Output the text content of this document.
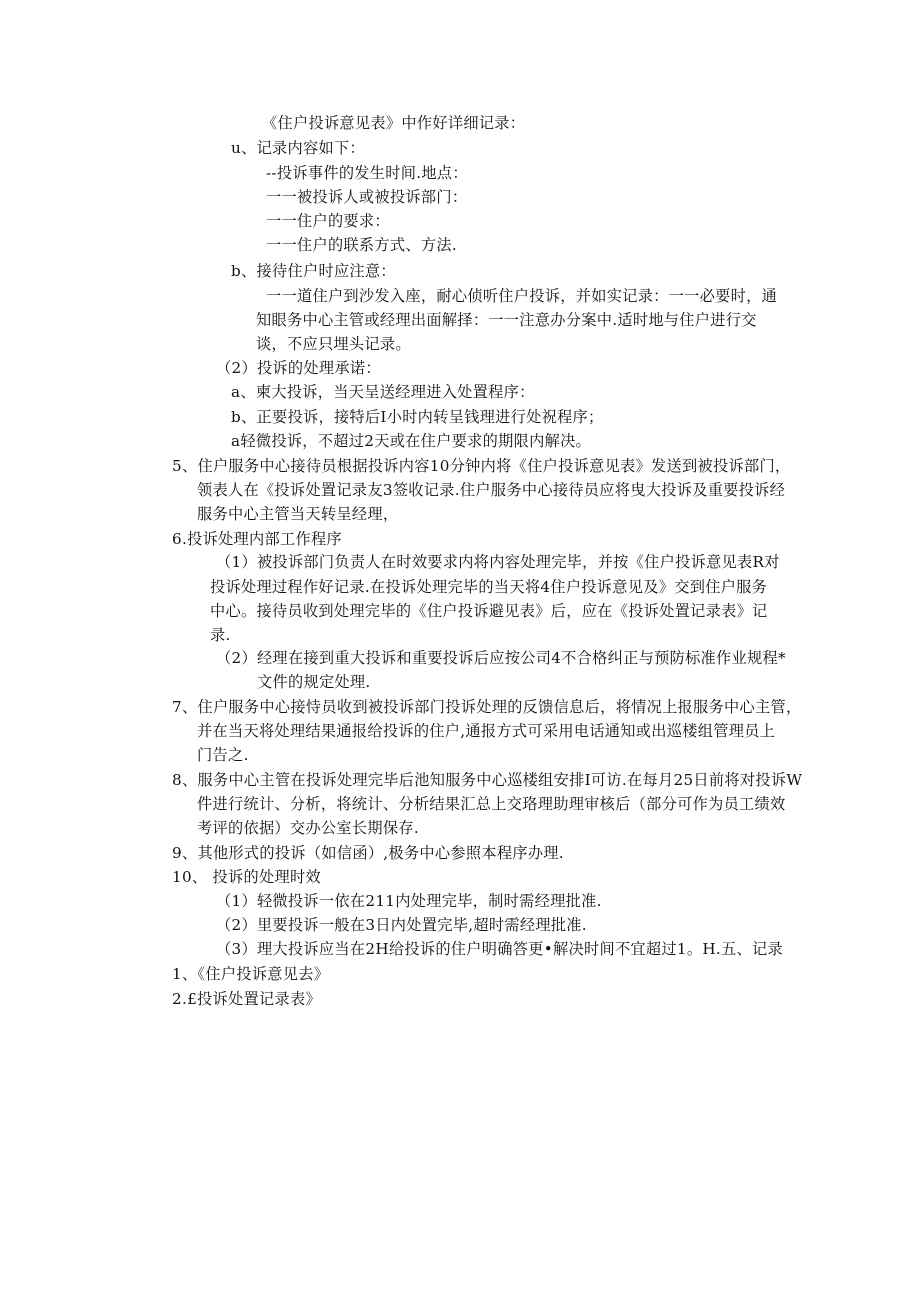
《住户投诉意见表》中作好详细记录：
u、记录内容如下：
--投诉事件的发生时间.地点：
一一被投诉人或被投诉部门：
一一住户的要求：
一一住户的联系方式、方法.
b、接待住户时应注意：
一一道住户到沙发入座，耐心侦听住户投诉，并如实记录：一一必要时，通
知眼务中心主管或经理出面解择：一一注意办分案中.适时地与住户进行交
谈，不应只埋头记录。
（2）投诉的处理承诺：
a、柬大投诉，当天呈送经理进入处置程序：
b、正要投诉，接特后Ⅰ小时内转呈钱理进行处祝程序；
a轻微投诉，不超过2天或在住户要求的期限内解决。
5、住户服务中心接待员根据投诉内容10分钟内将《住户投诉意见表》发送到被投诉部门，
领表人在《投诉处置记录友3签收记录.住户服务中心接待员应将曳大投诉及重要投诉经
服务中心主管当天转呈经理，
6.投诉处理内部工作程序
（1）被投诉部门负责人在时效要求内将内容处理完毕，并按《住户投诉意见表R对
投诉处理过程作好记录.在投诉处理完毕的当天将4住户投诉意见及》交到住户服务
中心。接待员收到处理完毕的《住户投诉避见表》后，应在《投诉处置记录表》记
录.
（2）经理在接到重大投诉和重要投诉后应按公司4不合格纠正与预防标准作业规程*
文件的规定处理.
7、住户服务中心接恃员收到被投诉部门投诉处理的反馈信息后，将情况上报服务中心主管，
并在当天将处理结果通报给投诉的住户,通报方式可采用电话通知或出巡楼组管理员上
门告之.
8、服务中心主管在投诉处理完毕后池知服务中心巡楼组安排Ⅰ可访.在每月25日前将对投诉W
件进行统计、分析，将统计、分析结果汇总上交珞理助理审核后（部分可作为员工绩效
考评的依据）交办公室长期保存.
9、其他形式的投诉（如信函）,极务中心参照本程序办理.
10、 投诉的处理时效
（1）轻微投诉一依在211内处理完毕，制时需经理批准.
（2）里要投诉一般在3日内处置完毕,超时需经理批准.
（3）理大投诉应当在2H给投诉的住户明确答更•解决时间不宜超过1。H.五、记录
1、《住户投诉意见去》
2.£投诉处置记录表》
